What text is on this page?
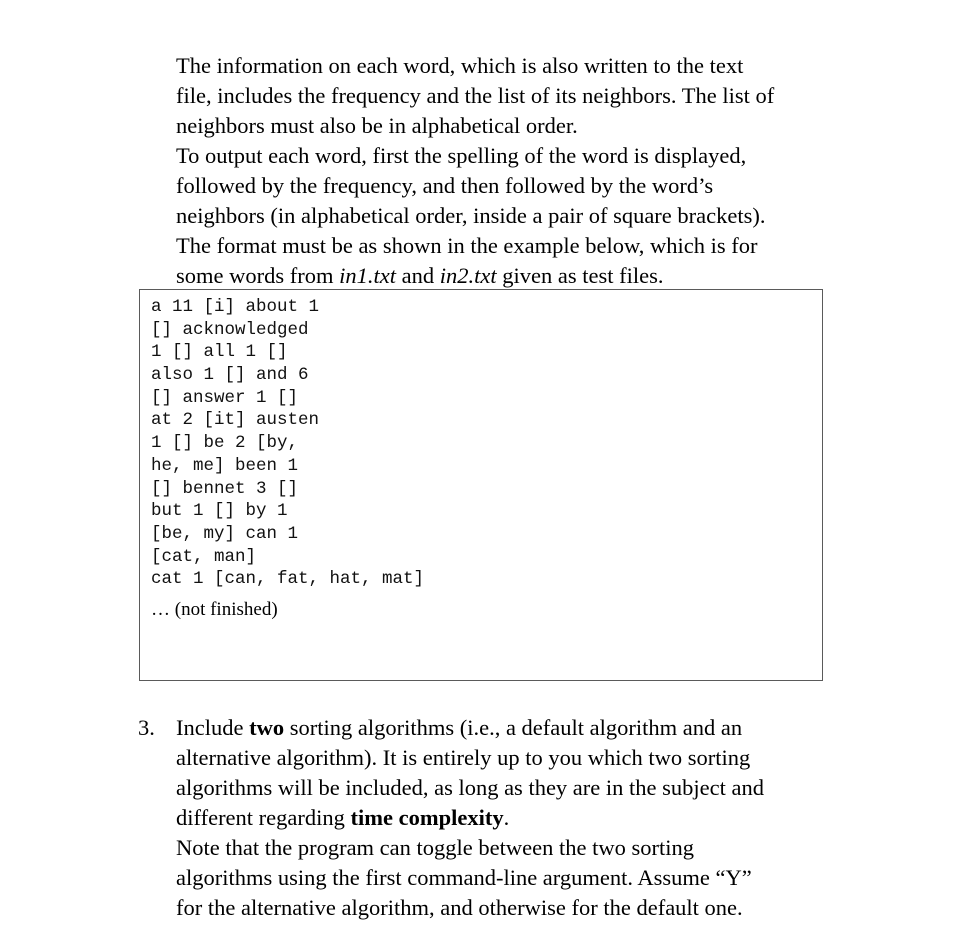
The information on each word, which is also written to the text
file, includes the frequency and the list of its neighbors. The list of
neighbors must also be in alphabetical order.

To output each word, first the spelling of the word is displayed,
followed by the frequency, and then followed by the word’s
neighbors (in alphabetical order, inside a pair of square brackets).

The format must be as shown in the example below, which is for
some words from in1.txt and in2.txt given as test files.

a 11 [i] about 1
[] acknowledged
1 [] all 1 []
also 1 [] and 6
[] answer 1 []
at 2 [it] austen
1 [] be 2 [by,
he, me] been 1
[] bennet 3 []
but 1 [] by 1
[be, my] can 1
[cat, man]
cat 1 [can, fat, hat, mat]
… (not finished)
3. Include two sorting algorithms (i.e., a default algorithm and an
alternative algorithm). It is entirely up to you which two sorting
algorithms will be included, as long as they are in the subject and
different regarding time complexity.

Note that the program can toggle between the two sorting
algorithms using the first command-line argument. Assume “Y”
for the alternative algorithm, and otherwise for the default one.
